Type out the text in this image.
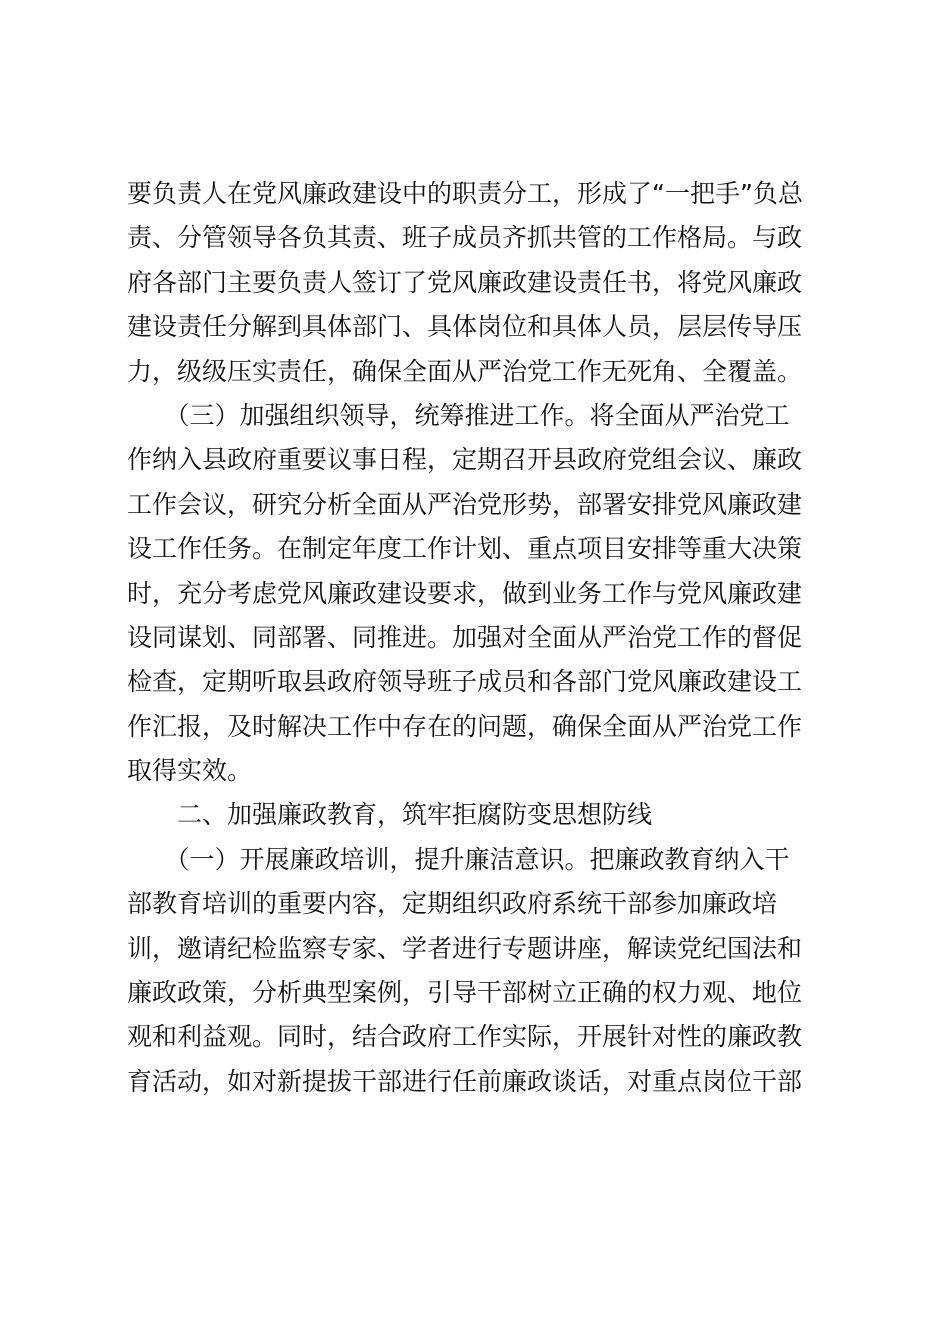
要负责人在党风廉政建设中的职责分工，形成了“一把手”负总
责、分管领导各负其责、班子成员齐抓共管的工作格局。与政
府各部门主要负责人签订了党风廉政建设责任书，将党风廉政
建设责任分解到具体部门、具体岗位和具体人员，层层传导压
力，级级压实责任，确保全面从严治党工作无死角、全覆盖。
　　（三）加强组织领导，统筹推进工作。将全面从严治党工
作纳入县政府重要议事日程，定期召开县政府党组会议、廉政
工作会议，研究分析全面从严治党形势，部署安排党风廉政建
设工作任务。在制定年度工作计划、重点项目安排等重大决策
时，充分考虑党风廉政建设要求，做到业务工作与党风廉政建
设同谋划、同部署、同推进。加强对全面从严治党工作的督促
检查，定期听取县政府领导班子成员和各部门党风廉政建设工
作汇报，及时解决工作中存在的问题，确保全面从严治党工作
取得实效。
　　二、加强廉政教育，筑牢拒腐防变思想防线
　　（一）开展廉政培训，提升廉洁意识。把廉政教育纳入干
部教育培训的重要内容，定期组织政府系统干部参加廉政培
训，邀请纪检监察专家、学者进行专题讲座，解读党纪国法和
廉政政策，分析典型案例，引导干部树立正确的权力观、地位
观和利益观。同时，结合政府工作实际，开展针对性的廉政教
育活动，如对新提拔干部进行任前廉政谈话，对重点岗位干部
